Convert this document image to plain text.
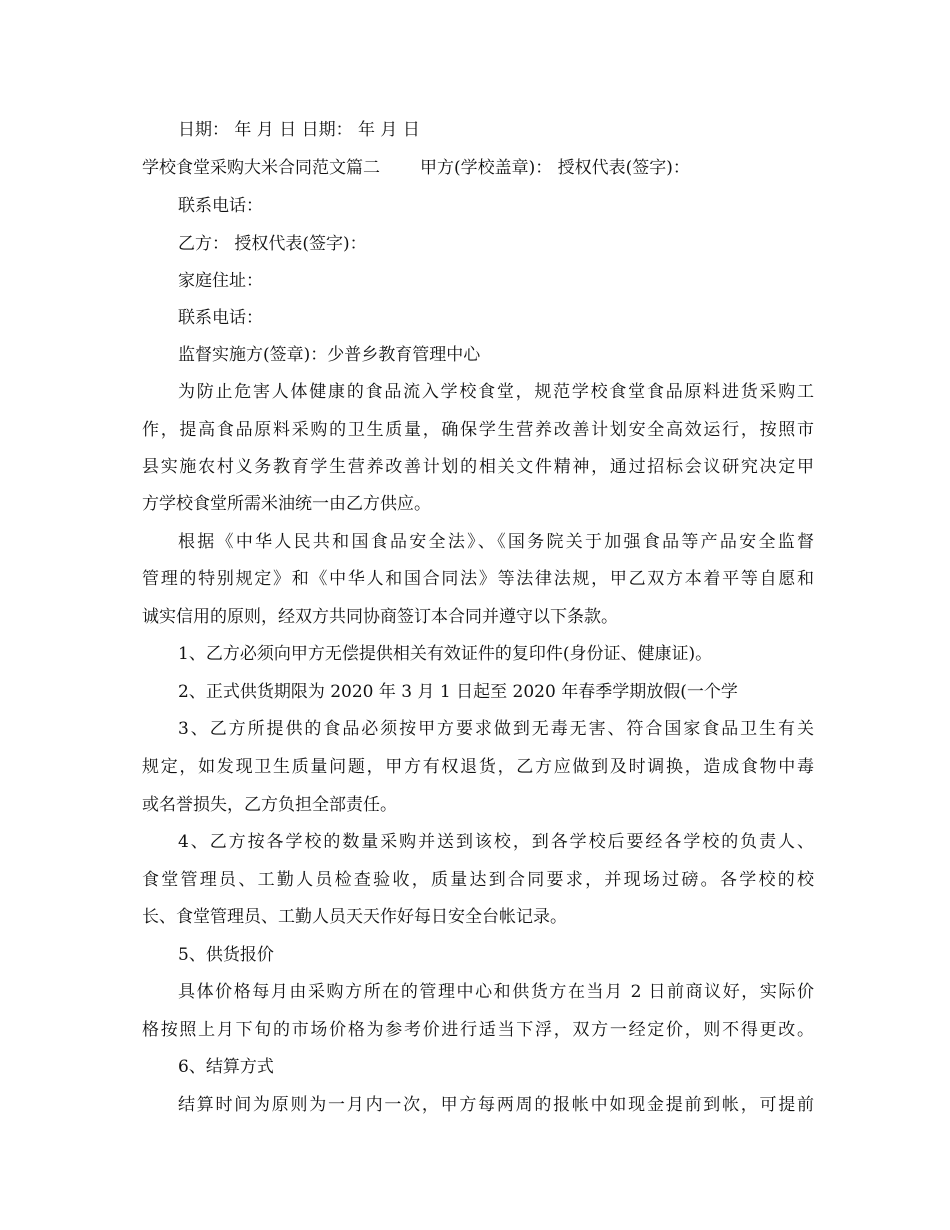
日期： 年 月 日 日期： 年 月 日
学校食堂采购大米合同范文篇二 甲方(学校盖章)： 授权代表(签字)：
联系电话：
乙方： 授权代表(签字)：
家庭住址：
联系电话：
监督实施方(签章)：少普乡教育管理中心
为防止危害人体健康的食品流入学校食堂，规范学校食堂食品原料进货采购工
作，提高食品原料采购的卫生质量，确保学生营养改善计划安全高效运行，按照市
县实施农村义务教育学生营养改善计划的相关文件精神，通过招标会议研究决定甲
方学校食堂所需米油统一由乙方供应。
根据《中华人民共和国食品安全法》、《国务院关于加强食品等产品安全监督
管理的特别规定》和《中华人和国合同法》等法律法规，甲乙双方本着平等自愿和
诚实信用的原则，经双方共同协商签订本合同并遵守以下条款。
1、乙方必须向甲方无偿提供相关有效证件的复印件(身份证、健康证)。
2、正式供货期限为 2020 年 3 月 1 日起至 2020 年春季学期放假(一个学
3、乙方所提供的食品必须按甲方要求做到无毒无害、符合国家食品卫生有关
规定，如发现卫生质量问题，甲方有权退货，乙方应做到及时调换，造成食物中毒
或名誉损失，乙方负担全部责任。
4、乙方按各学校的数量采购并送到该校，到各学校后要经各学校的负责人、
食堂管理员、工勤人员检查验收，质量达到合同要求，并现场过磅。各学校的校
长、食堂管理员、工勤人员天天作好每日安全台帐记录。
5、供货报价
具体价格每月由采购方所在的管理中心和供货方在当月 2 日前商议好，实际价
格按照上月下旬的市场价格为参考价进行适当下浮，双方一经定价，则不得更改。
6、结算方式
结算时间为原则为一月内一次，甲方每两周的报帐中如现金提前到帐，可提前
